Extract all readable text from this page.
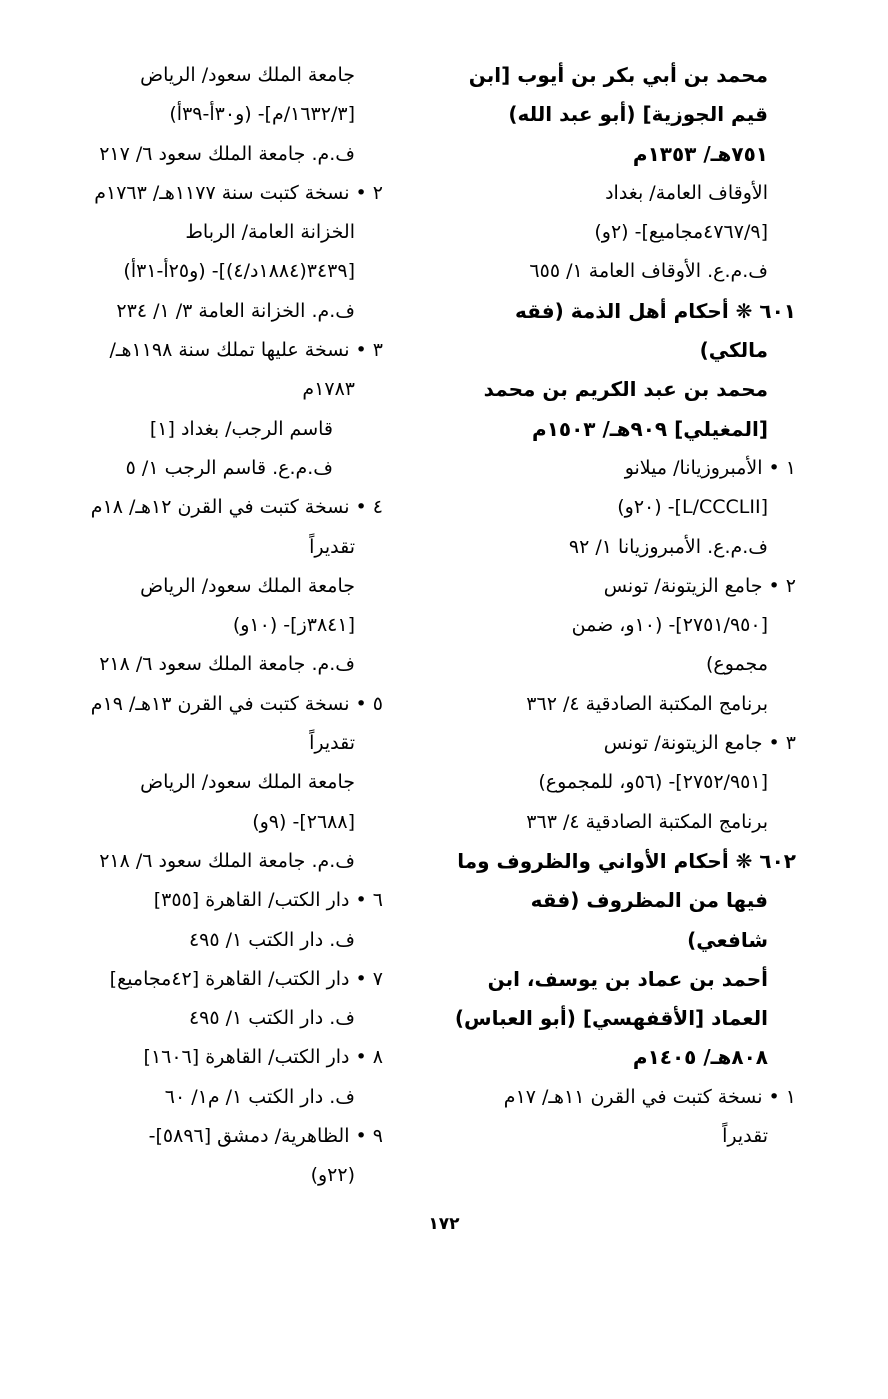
محمد بن أبي بكر بن أيوب [ابن
قيم الجوزية] (أبو عبد الله)
٧٥١هـ/ ١٣٥٣م
الأوقاف العامة/ بغداد
[٤٧٦٧/٩مجاميع]- (٢و)
ف.م.ع. الأوقاف العامة ١/ ٦٥٥
٦٠١ ❋ أحكام أهل الذمة (فقه
مالكي)
محمد بن عبد الكريم بن محمد
[المغيلي] ٩٠٩هـ/ ١٥٠٣م
١ • الأمبروزيانا/ ميلانو
[L/CCCLII]- (٢٠و)
ف.م.ع. الأمبروزيانا ١/ ٩٢
٢ • جامع الزيتونة/ تونس
[٢٧٥١/٩٥٠]- (١٠و، ضمن
مجموع)
برنامج المكتبة الصادقية ٤/ ٣٦٢
٣ • جامع الزيتونة/ تونس
[٢٧٥٢/٩٥١]- (٥٦و، للمجموع)
برنامج المكتبة الصادقية ٤/ ٣٦٣
٦٠٢ ❋ أحكام الأواني والظروف وما
فيها من المظروف (فقه
شافعي)
أحمد بن عماد بن يوسف، ابن
العماد [الأقفهسي] (أبو العباس)
٨٠٨هـ/ ١٤٠٥م
١ • نسخة كتبت في القرن ١١هـ/ ١٧م
تقديراً
جامعة الملك سعود/ الرياض
[١٦٣٢/٣/م]- (و٣٠أ-٣٩أ)
ف.م. جامعة الملك سعود ٦/ ٢١٧
٢ • نسخة كتبت سنة ١١٧٧هـ/ ١٧٦٣م
الخزانة العامة/ الرباط
[٣٤٣٩(١٨٨٤د/٤)]- (و٢٥أ-٣١أ)
ف.م. الخزانة العامة ٣/ ١/ ٢٣٤
٣ • نسخة عليها تملك سنة ١١٩٨هـ/
١٧٨٣م
قاسم الرجب/ بغداد [١]
ف.م.ع. قاسم الرجب ١/ ٥
٤ • نسخة كتبت في القرن ١٢هـ/ ١٨م
تقديراً
جامعة الملك سعود/ الرياض
[٣٨٤١ز]- (١٠و)
ف.م. جامعة الملك سعود ٦/ ٢١٨
٥ • نسخة كتبت في القرن ١٣هـ/ ١٩م
تقديراً
جامعة الملك سعود/ الرياض
[٢٦٨٨]- (٩و)
ف.م. جامعة الملك سعود ٦/ ٢١٨
٦ • دار الكتب/ القاهرة [٣٥٥]
ف. دار الكتب ١/ ٤٩٥
٧ • دار الكتب/ القاهرة [٤٢مجاميع]
ف. دار الكتب ١/ ٤٩٥
٨ • دار الكتب/ القاهرة [١٦٠٦]
ف. دار الكتب ١/ م١/ ٦٠
٩ • الظاهرية/ دمشق [٥٨٩٦]-
(٢٢و)
١٧٢
